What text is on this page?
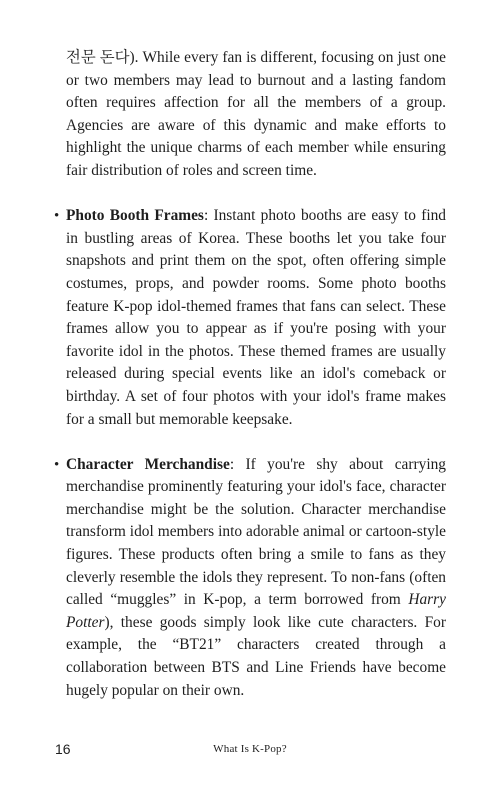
전문 돈다). While every fan is different, focusing on just one or two members may lead to burnout and a lasting fandom often requires affection for all the members of a group. Agencies are aware of this dynamic and make efforts to highlight the unique charms of each member while ensuring fair distribution of roles and screen time.

• Photo Booth Frames: Instant photo booths are easy to find in bustling areas of Korea. These booths let you take four snapshots and print them on the spot, often offering simple costumes, props, and powder rooms. Some photo booths feature K-pop idol-themed frames that fans can select. These frames allow you to appear as if you're posing with your favorite idol in the photos. These themed frames are usually released during special events like an idol's comeback or birthday. A set of four photos with your idol's frame makes for a small but memorable keepsake.

• Character Merchandise: If you're shy about carrying merchandise prominently featuring your idol's face, character merchandise might be the solution. Character merchandise transform idol members into adorable animal or cartoon-style figures. These products often bring a smile to fans as they cleverly resemble the idols they represent. To non-fans (often called “muggles” in K-pop, a term borrowed from Harry Potter), these goods simply look like cute characters. For example, the “BT21” characters created through a collaboration between BTS and Line Friends have become hugely popular on their own.

16	What Is K-Pop?
